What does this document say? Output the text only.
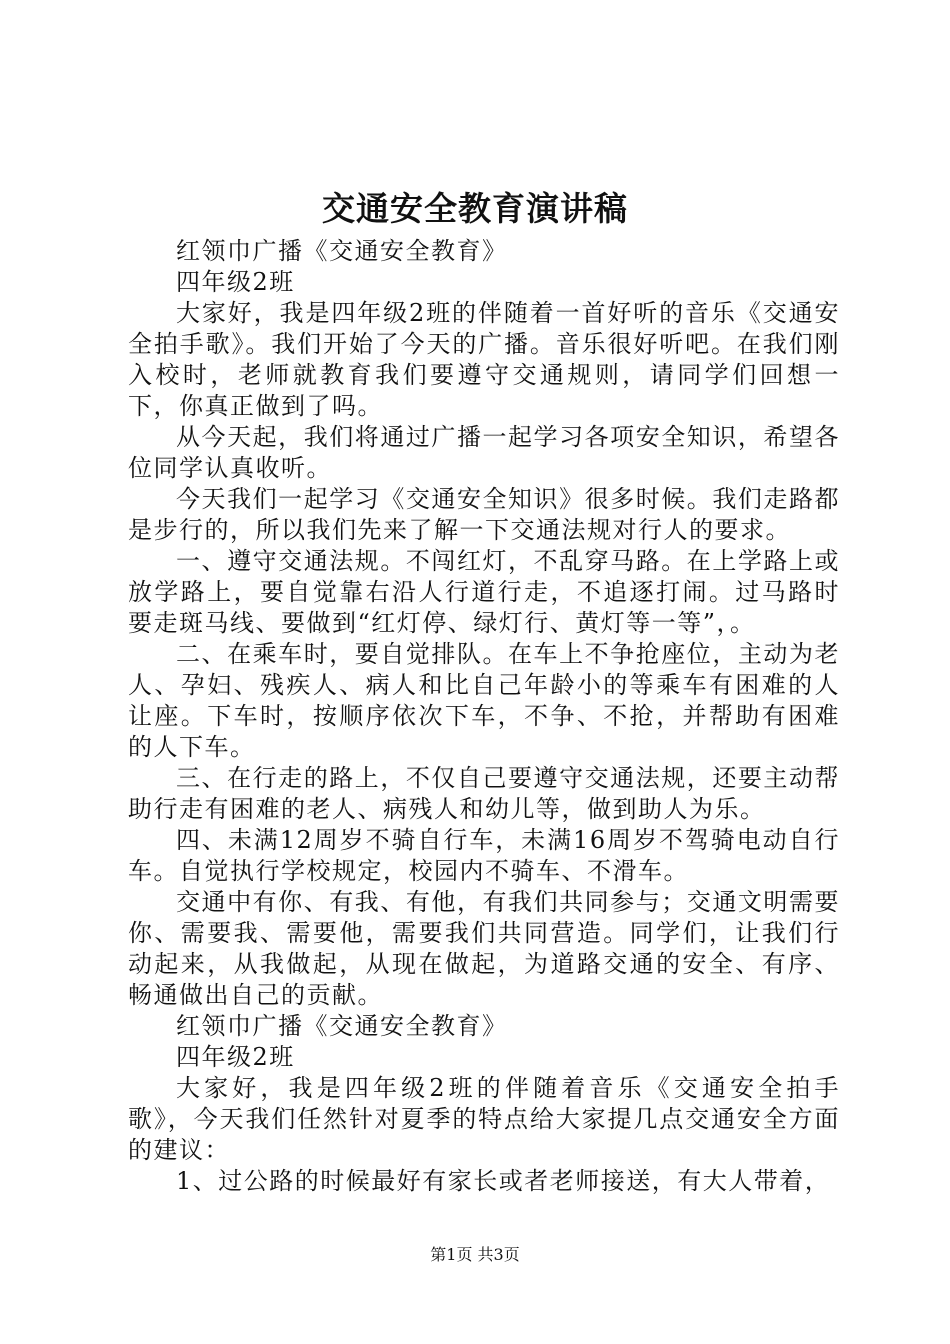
交通安全教育演讲稿

红领巾广播《交通安全教育》

四年级2班

大家好，我是四年级2班的伴随着一首好听的音乐《交通安全拍手歌》。我们开始了今天的广播。音乐很好听吧。在我们刚入校时，老师就教育我们要遵守交通规则，请同学们回想一下，你真正做到了吗。

从今天起，我们将通过广播一起学习各项安全知识，希望各位同学认真收听。

今天我们一起学习《交通安全知识》很多时候。我们走路都是步行的，所以我们先来了解一下交通法规对行人的要求。

一、遵守交通法规。不闯红灯，不乱穿马路。在上学路上或放学路上，要自觉靠右沿人行道行走，不追逐打闹。过马路时要走斑马线、要做到“红灯停、绿灯行、黄灯等一等”，。

二、在乘车时，要自觉排队。在车上不争抢座位，主动为老人、孕妇、残疾人、病人和比自己年龄小的等乘车有困难的人让座。下车时，按顺序依次下车，不争、不抢，并帮助有困难的人下车。

三、在行走的路上，不仅自己要遵守交通法规，还要主动帮助行走有困难的老人、病残人和幼儿等，做到助人为乐。

四、未满12周岁不骑自行车，未满16周岁不驾骑电动自行车。自觉执行学校规定，校园内不骑车、不滑车。

交通中有你、有我、有他，有我们共同参与；交通文明需要你、需要我、需要他，需要我们共同营造。同学们，让我们行动起来，从我做起，从现在做起，为道路交通的安全、有序、畅通做出自己的贡献。

红领巾广播《交通安全教育》

四年级2班

大家好，我是四年级2班的伴随着音乐《交通安全拍手歌》，今天我们任然针对夏季的特点给大家提几点交通安全方面的建议：

1、过公路的时候最好有家长或者老师接送，有大人带着，

第1页 共3页
